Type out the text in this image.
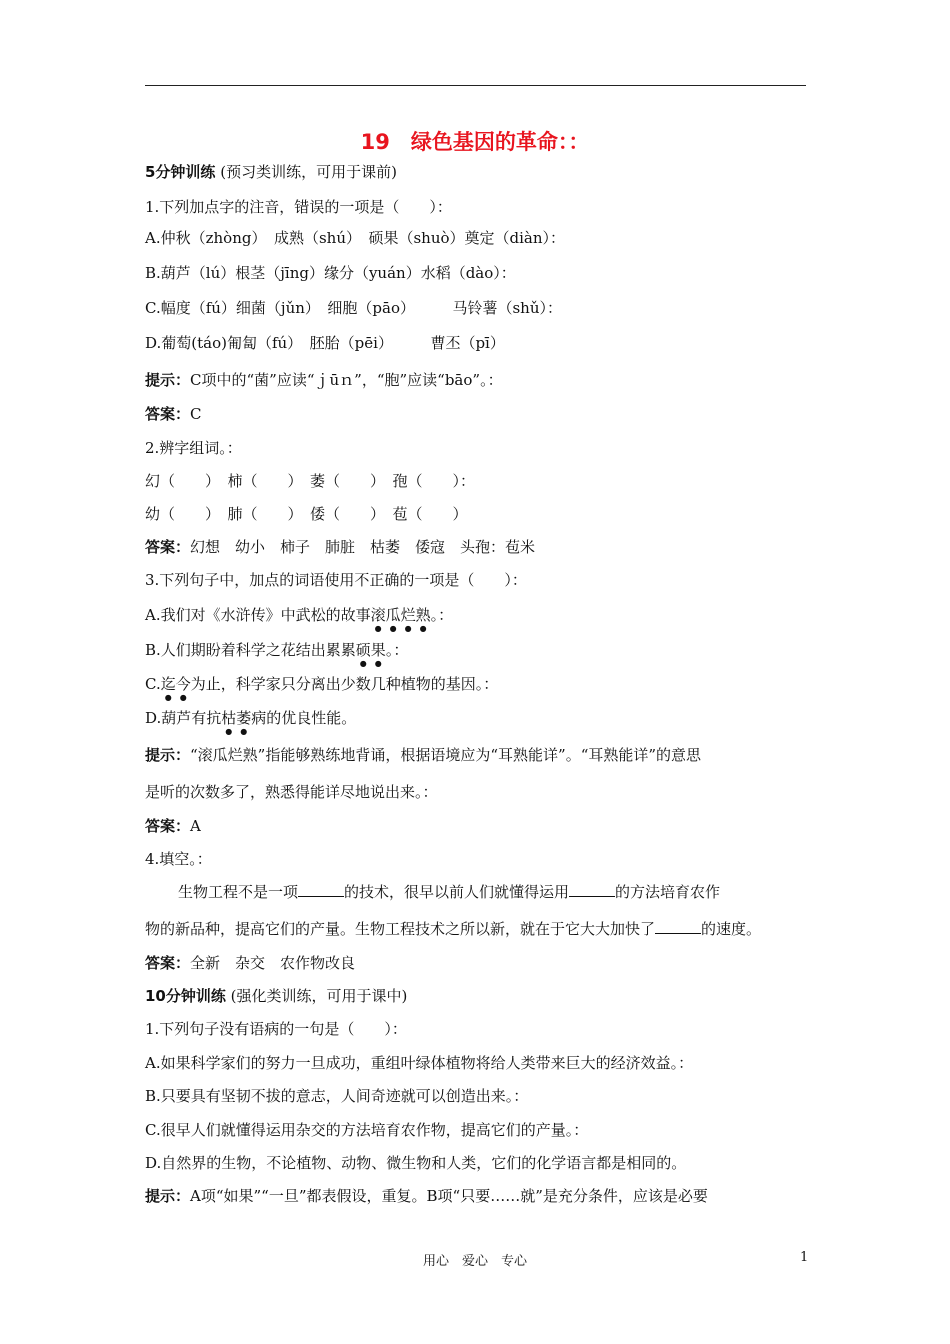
19　绿色基因的革命：：
5分钟训练 (预习类训练，可用于课前)
1.下列加点字的注音，错误的一项是（　　）：
A.仲秋（zhòng）　成熟（shú）　硕果（shuò）奠定（diàn）：
B.葫芦（lú）根茎（jīng）缘分（yuán）水稻（dào）：
C.幅度（fú）细菌（jǔn）　细胞（pāo）　　　马铃薯（shǔ）：
D.葡萄(táo)匍匐（fú）　胚胎（pēi）　　　曹丕（pī）
提示：C项中的“菌”应读“ｊūｎ”，“胞”应读“bāo”。：
答案：C
2.辨字组词。：
幻（　　）　柿（　　）　萎（　　）　孢（　　）：
幼（　　）　肺（　　）　倭（　　）　苞（　　）
答案：幻想　幼小　柿子　肺脏　枯萎　倭寇　头孢：苞米
3.下列句子中，加点的词语使用不正确的一项是（　　）：
A.我们对《水浒传》中武松的故事滚瓜烂熟。：
B.人们期盼着科学之花结出累累硕果。：
C.迄今为止，科学家只分离出少数几种植物的基因。：
D.葫芦有抗枯萎病的优良性能。
提示：“滚瓜烂熟”指能够熟练地背诵，根据语境应为“耳熟能详”。“耳熟能详”的意思
是听的次数多了，熟悉得能详尽地说出来。：
答案：A
4.填空。：
生物工程不是一项	的技术，很早以前人们就懂得运用	的方法培育农作
物的新品种，提高它们的产量。生物工程技术之所以新，就在于它大大加快了	的速度。
答案：全新　杂交　农作物改良
10分钟训练 (强化类训练，可用于课中)
1.下列句子没有语病的一句是（　　）：
A.如果科学家们的努力一旦成功，重组叶绿体植物将给人类带来巨大的经济效益。：
B.只要具有坚韧不拔的意志，人间奇迹就可以创造出来。：
C.很早人们就懂得运用杂交的方法培育农作物，提高它们的产量。：
D.自然界的生物，不论植物、动物、微生物和人类，它们的化学语言都是相同的。
提示：A项“如果”“一旦”都表假设，重复。B项“只要……就”是充分条件，应该是必要
用心　爱心　专心	1
